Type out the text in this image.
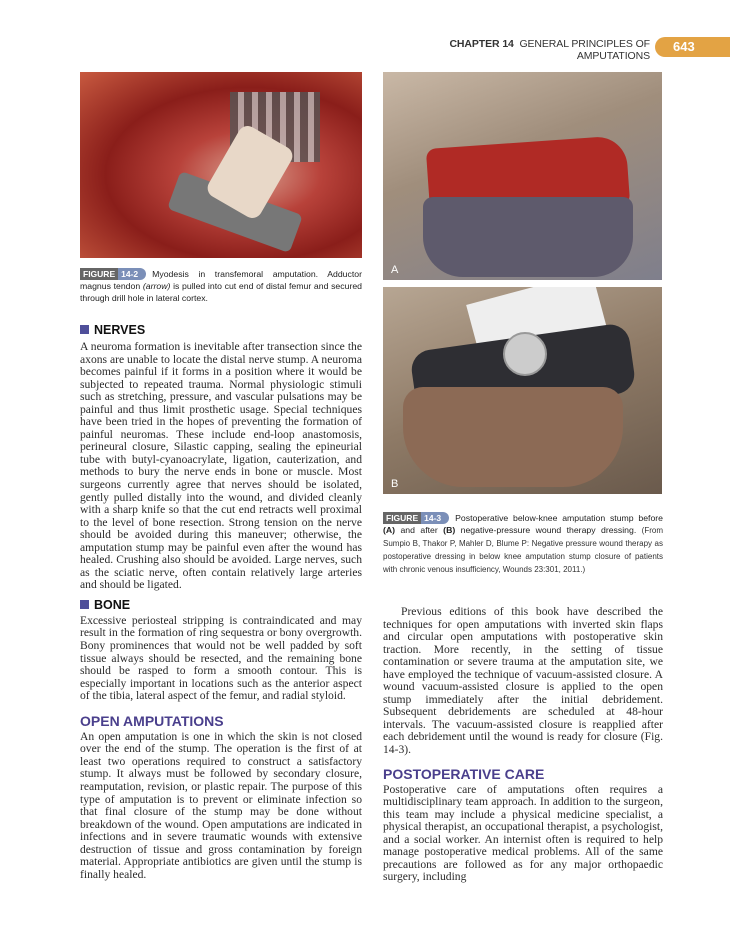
CHAPTER 14 GENERAL PRINCIPLES OF AMPUTATIONS
643
FIGURE 14-2 Myodesis in transfemoral amputation. Adductor magnus tendon (arrow) is pulled into cut end of distal femur and secured through drill hole in lateral cortex.
NERVES

A neuroma formation is inevitable after transection since the axons are unable to locate the distal nerve stump. A neuroma becomes painful if it forms in a position where it would be subjected to repeated trauma. Normal physiologic stimuli such as stretching, pressure, and vascular pulsations may be painful and thus limit prosthetic usage. Special techniques have been tried in the hopes of preventing the formation of painful neuromas. These include end-loop anastomosis, perineural closure, Silastic capping, sealing the epineurial tube with butyl-cyanoacrylate, ligation, cauterization, and methods to bury the nerve ends in bone or muscle. Most surgeons currently agree that nerves should be isolated, gently pulled distally into the wound, and divided cleanly with a sharp knife so that the cut end retracts well proximal to the level of bone resection. Strong tension on the nerve should be avoided during this maneuver; otherwise, the amputation stump may be painful even after the wound has healed. Crushing also should be avoided. Large nerves, such as the sciatic nerve, often contain relatively large arteries and should be ligated.

BONE

Excessive periosteal stripping is contraindicated and may result in the formation of ring sequestra or bony overgrowth. Bony prominences that would not be well padded by soft tissue always should be resected, and the remaining bone should be rasped to form a smooth contour. This is especially important in locations such as the anterior aspect of the tibia, lateral aspect of the femur, and radial styloid.

OPEN AMPUTATIONS

An open amputation is one in which the skin is not closed over the end of the stump. The operation is the first of at least two operations required to construct a satisfactory stump. It always must be followed by secondary closure, reamputation, revision, or plastic repair. The purpose of this type of amputation is to prevent or eliminate infection so that final closure of the stump may be done without breakdown of the wound. Open amputations are indicated in infections and in severe traumatic wounds with extensive destruction of tissue and gross contamination by foreign material. Appropriate antibiotics are given until the stump is finally healed.

A
B
FIGURE 14-3 Postoperative below-knee amputation stump before (A) and after (B) negative-pressure wound therapy dressing. (From Sumpio B, Thakor P, Mahler D, Blume P: Negative pressure wound therapy as postoperative dressing in below knee amputation stump closure of patients with chronic venous insufficiency, Wounds 23:301, 2011.)

Previous editions of this book have described the techniques for open amputations with inverted skin flaps and circular open amputations with postoperative skin traction. More recently, in the setting of tissue contamination or severe trauma at the amputation site, we have employed the technique of vacuum-assisted closure. A wound vacuum-assisted closure is applied to the open stump immediately after the initial debridement. Subsequent debridements are scheduled at 48-hour intervals. The vacuum-assisted closure is reapplied after each debridement until the wound is ready for closure (Fig. 14-3).

POSTOPERATIVE CARE

Postoperative care of amputations often requires a multidisciplinary team approach. In addition to the surgeon, this team may include a physical medicine specialist, a physical therapist, an occupational therapist, a psychologist, and a social worker. An internist often is required to help manage postoperative medical problems. All of the same precautions are followed as for any major orthopaedic surgery, including
